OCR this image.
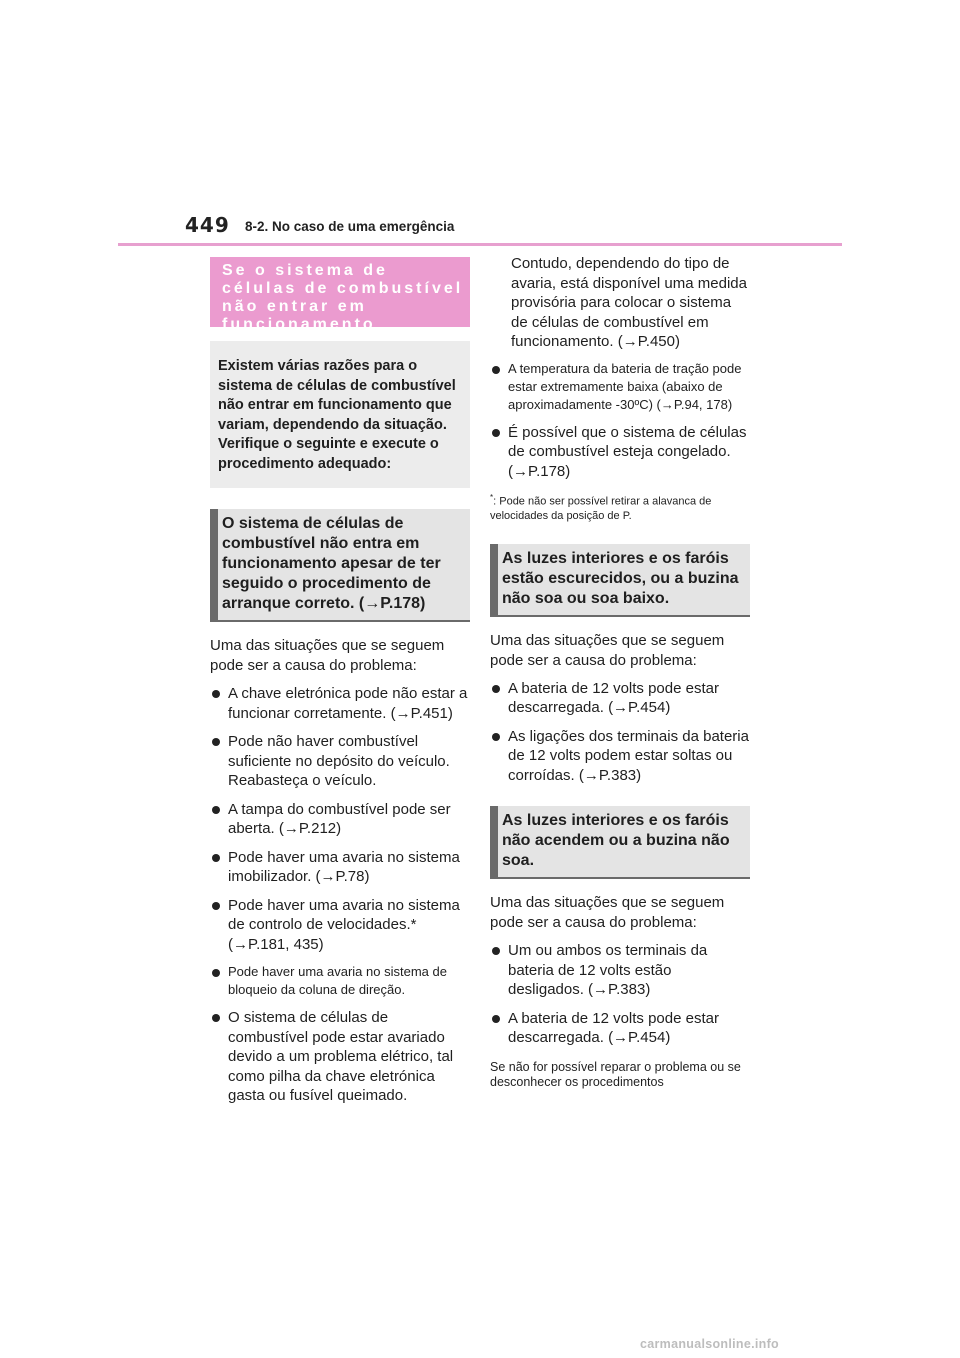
449 8-2. No caso de uma emergência
Se o sistema de células de combustível não entrar em funcionamento
Existem várias razões para o sistema de células de combustível não entrar em funcionamento que variam, dependendo da situação. Verifique o seguinte e execute o procedimento adequado:
O sistema de células de combustível não entra em funcionamento apesar de ter seguido o procedimento de arranque correto. (→P.178)
Uma das situações que se seguem pode ser a causa do problema:
A chave eletrónica pode não estar a funcionar corretamente. (→P.451)
Pode não haver combustível suficiente no depósito do veículo. Reabasteça o veículo.
A tampa do combustível pode ser aberta. (→P.212)
Pode haver uma avaria no sistema imobilizador. (→P.78)
Pode haver uma avaria no sistema de controlo de velocidades.* (→P.181, 435)
Pode haver uma avaria no sistema de bloqueio da coluna de direção.
O sistema de células de combustível pode estar avariado devido a um problema elétrico, tal como pilha da chave eletrónica gasta ou fusível queimado.
Contudo, dependendo do tipo de avaria, está disponível uma medida provisória para colocar o sistema de células de combustível em funcionamento. (→P.450)
A temperatura da bateria de tração pode estar extremamente baixa (abaixo de aproximadamente -30ºC) (→P.94, 178)
É possível que o sistema de células de combustível esteja congelado. (→P.178)
*: Pode não ser possível retirar a alavanca de velocidades da posição de P.
As luzes interiores e os faróis estão escurecidos, ou a buzina não soa ou soa baixo.
Uma das situações que se seguem pode ser a causa do problema:
A bateria de 12 volts pode estar descarregada. (→P.454)
As ligações dos terminais da bateria de 12 volts podem estar soltas ou corroídas. (→P.383)
As luzes interiores e os faróis não acendem ou a buzina não soa.
Uma das situações que se seguem pode ser a causa do problema:
Um ou ambos os terminais da bateria de 12 volts estão desligados. (→P.383)
A bateria de 12 volts pode estar descarregada. (→P.454)
Se não for possível reparar o problema ou se desconhecer os procedimentos
carmanualsonline.info
